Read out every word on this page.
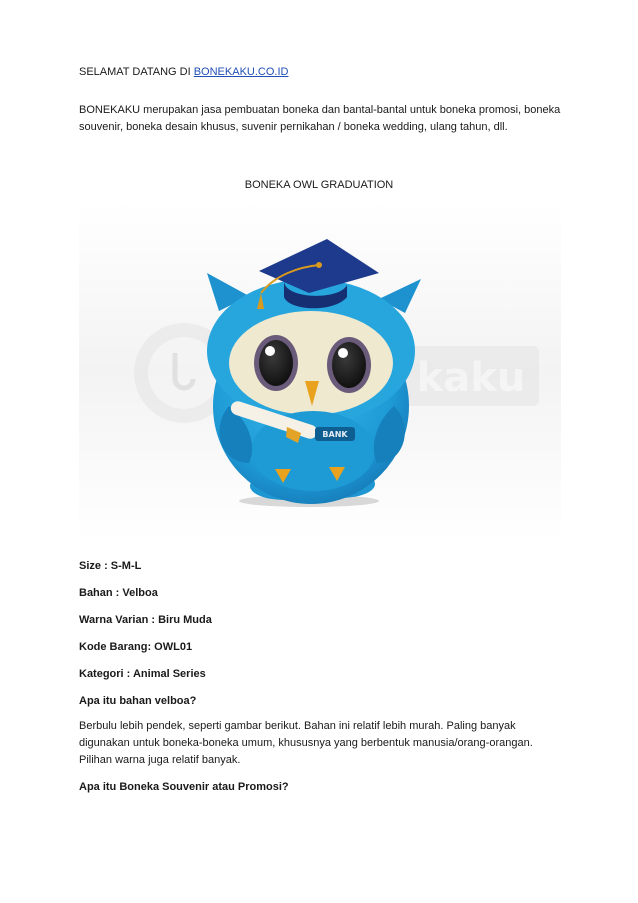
SELAMAT DATANG DI BONEKAKU.CO.ID

BONEKAKU merupakan jasa pembuatan boneka dan bantal-bantal untuk boneka promosi, boneka souvenir, boneka desain khusus, suvenir pernikahan / boneka wedding, ulang tahun, dll.

BONEKA OWL GRADUATION

kaku
BANK

Size : S-M-L

Bahan : Velboa

Warna Varian : Biru Muda

Kode Barang: OWL01

Kategori : Animal Series

Apa itu bahan velboa?

Berbulu lebih pendek, seperti gambar berikut. Bahan ini relatif lebih murah. Paling banyak digunakan untuk boneka-boneka umum, khususnya yang berbentuk manusia/orang-orangan. Pilihan warna juga relatif banyak.

Apa itu Boneka Souvenir atau Promosi?
